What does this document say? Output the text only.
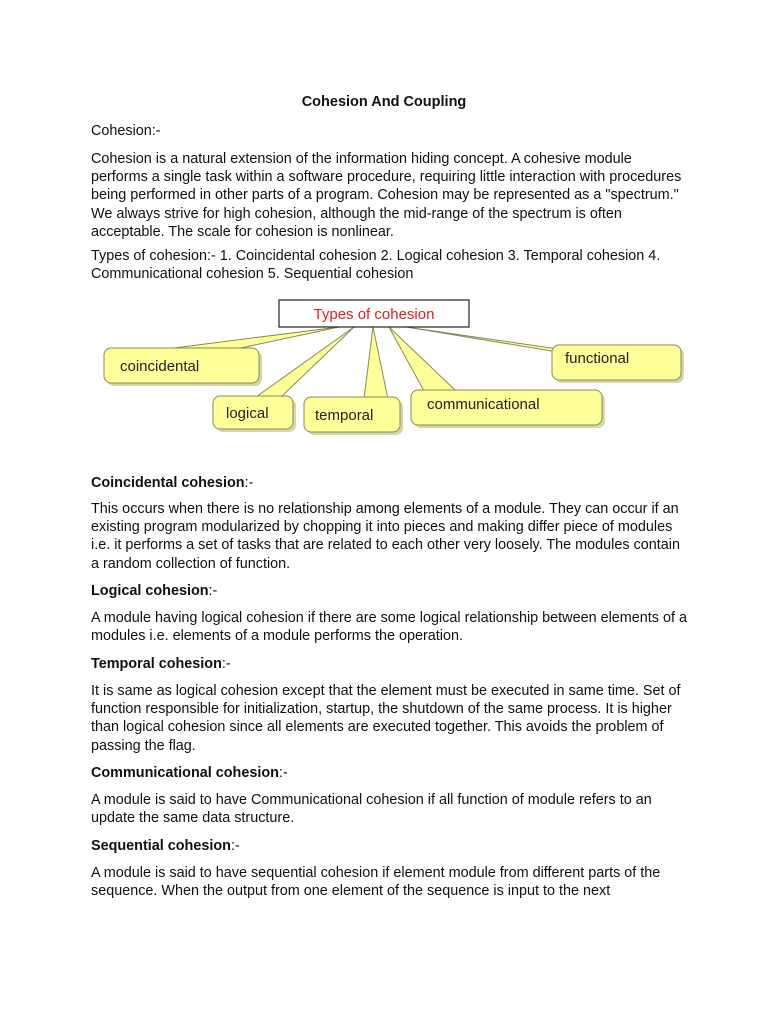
Cohesion And Coupling

Cohesion:-

Cohesion is a natural extension of the information hiding concept. A cohesive module performs a single task within a software procedure, requiring little interaction with procedures being performed in other parts of a program. Cohesion may be represented as a "spectrum." We always strive for high cohesion, although the mid-range of the spectrum is often acceptable. The scale for cohesion is nonlinear.

Types of cohesion:- 1. Coincidental cohesion 2. Logical cohesion 3. Temporal cohesion 4. Communicational cohesion 5. Sequential cohesion

Types of cohesion
coincidental
logical	temporal
communicational
functional

Coincidental cohesion:-

This occurs when there is no relationship among elements of a module. They can occur if an existing program modularized by chopping it into pieces and making differ piece of modules i.e. it performs a set of tasks that are related to each other very loosely. The modules contain a random collection of function.

Logical cohesion:-

A module having logical cohesion if there are some logical relationship between elements of a modules i.e. elements of a module performs the operation.

Temporal cohesion:-

It is same as logical cohesion except that the element must be executed in same time. Set of function responsible for initialization, startup, the shutdown of the same process. It is higher than logical cohesion since all elements are executed together. This avoids the problem of passing the flag.

Communicational cohesion:-

A module is said to have Communicational cohesion if all function of module refers to an update the same data structure.

Sequential cohesion:-

A module is said to have sequential cohesion if element module from different parts of the sequence. When the output from one element of the sequence is input to the next
